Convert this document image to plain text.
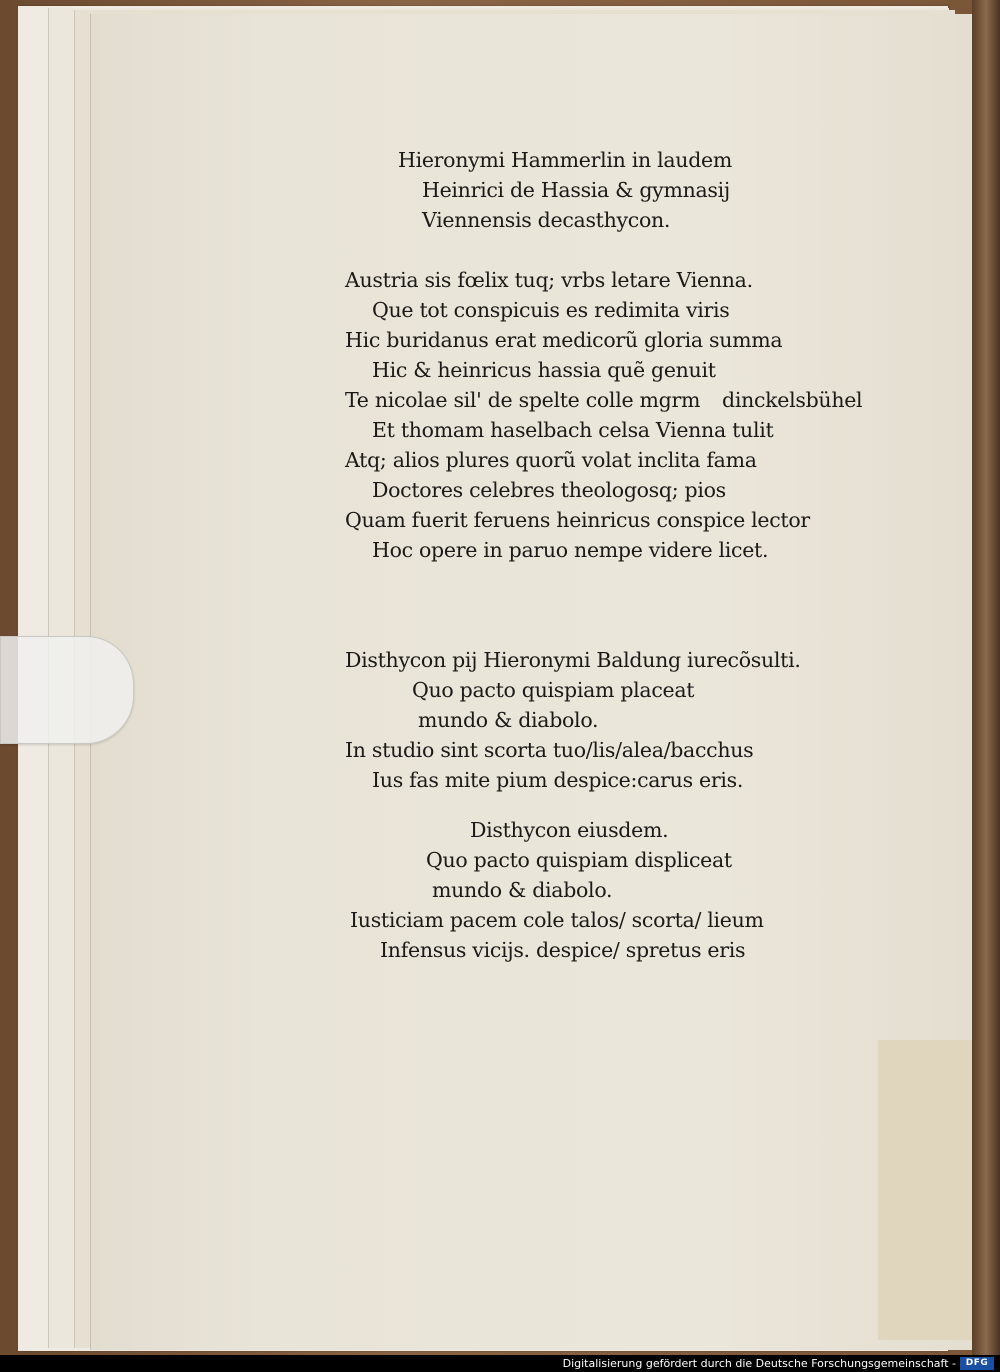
Hieronymi Hammerlin in laudem
Heinrici de Hassia & gymnasij
Viennensis decasthycon.
Austria sis fœlix tuq; vrbs letare Vienna.
Que tot conspicuis es redimita viris
Hic buridanus erat medicorũ gloria summa
Hic & heinricus hassia quẽ genuit
Te nicolae sil' de spelte colle mgrm dinckelsbühel
Et thomam haselbach celsa Vienna tulit
Atq; alios plures quorũ volat inclita fama
Doctores celebres theologosq; pios
Quam fuerit feruens heinricus conspice lector
Hoc opere in paruo nempe videre licet.
Disthycon pij Hieronymi Baldung iurecõsulti.
Quo pacto quispiam placeat
mundo & diabolo.
In studio sint scorta tuo/lis/alea/bacchus
Ius fas mite pium despice:carus eris.
Disthycon eiusdem.
Quo pacto quispiam displiceat
mundo & diabolo.
Iusticiam pacem cole talos/ scorta/ lieum
Infensus vicijs. despice/ spretus eris
Digitalisierung gefördert durch die Deutsche Forschungsgemeinschaft -	DFG
